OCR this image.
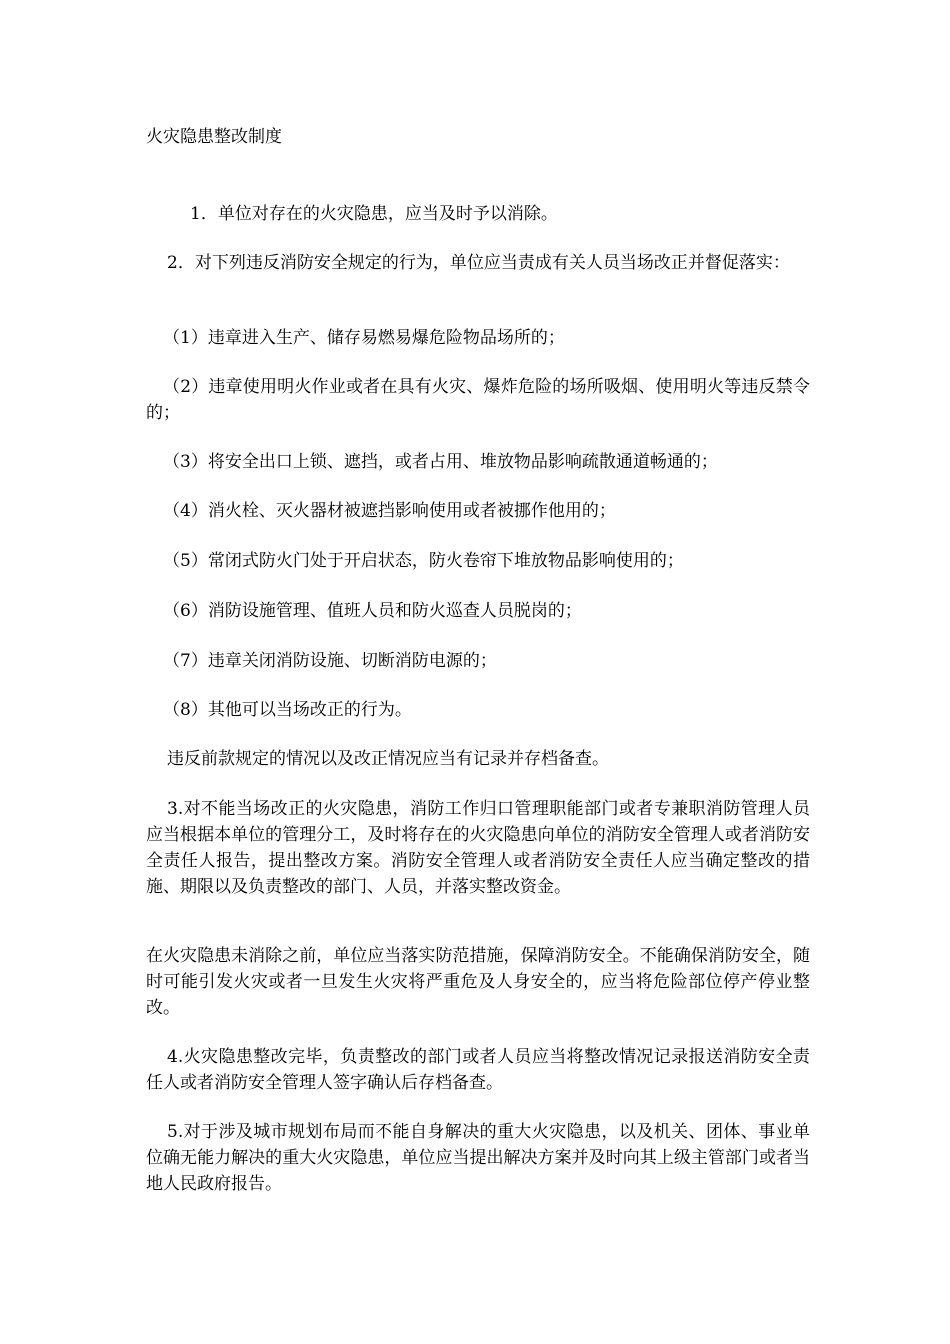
火灾隐患整改制度

1．单位对存在的火灾隐患，应当及时予以消除。

2．对下列违反消防安全规定的行为，单位应当责成有关人员当场改正并督促落实：

（1）违章进入生产、储存易燃易爆危险物品场所的；

（2）违章使用明火作业或者在具有火灾、爆炸危险的场所吸烟、使用明火等违反禁令的；

（3）将安全出口上锁、遮挡，或者占用、堆放物品影响疏散通道畅通的；

（4）消火栓、灭火器材被遮挡影响使用或者被挪作他用的；

（5）常闭式防火门处于开启状态，防火卷帘下堆放物品影响使用的；

（6）消防设施管理、值班人员和防火巡查人员脱岗的；

（7）违章关闭消防设施、切断消防电源的；

（8）其他可以当场改正的行为。

违反前款规定的情况以及改正情况应当有记录并存档备查。

3.对不能当场改正的火灾隐患，消防工作归口管理职能部门或者专兼职消防管理人员应当根据本单位的管理分工，及时将存在的火灾隐患向单位的消防安全管理人或者消防安全责任人报告，提出整改方案。消防安全管理人或者消防安全责任人应当确定整改的措施、期限以及负责整改的部门、人员，并落实整改资金。

在火灾隐患未消除之前，单位应当落实防范措施，保障消防安全。不能确保消防安全，随时可能引发火灾或者一旦发生火灾将严重危及人身安全的，应当将危险部位停产停业整改。

4.火灾隐患整改完毕，负责整改的部门或者人员应当将整改情况记录报送消防安全责任人或者消防安全管理人签字确认后存档备查。

5.对于涉及城市规划布局而不能自身解决的重大火灾隐患，以及机关、团体、事业单位确无能力解决的重大火灾隐患，单位应当提出解决方案并及时向其上级主管部门或者当地人民政府报告。
